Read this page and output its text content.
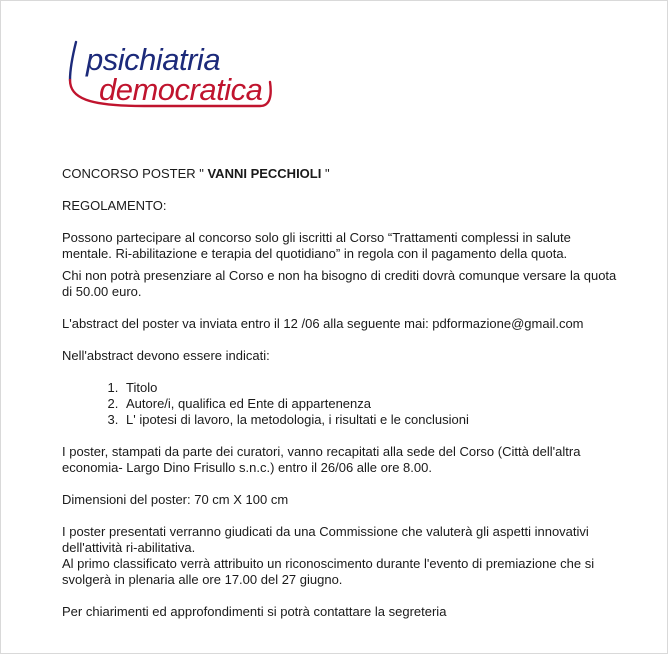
psichiatria
democratica

CONCORSO POSTER " VANNI PECCHIOLI "

REGOLAMENTO:

Possono partecipare al concorso solo gli iscritti al Corso “Trattamenti complessi in salute mentale. Ri-abilitazione e terapia del quotidiano” in regola con il pagamento della quota.

Chi non potrà presenziare al Corso e non ha bisogno di crediti dovrà comunque versare la quota di 50.00 euro.

L'abstract del poster va inviata entro il 12 /06 alla seguente mai: pdformazione@gmail.com

Nell'abstract devono essere indicati:

1. Titolo
2. Autore/i, qualifica ed Ente di appartenenza
3. L' ipotesi di lavoro, la metodologia, i risultati e le conclusioni

I poster, stampati da parte dei curatori, vanno recapitati alla sede del Corso (Città dell'altra economia- Largo Dino Frisullo s.n.c.) entro il 26/06 alle ore 8.00.

Dimensioni del poster: 70 cm X 100 cm

I poster presentati verranno giudicati da una Commissione che valuterà gli aspetti innovativi dell'attività ri-abilitativa.

Al primo classificato verrà attribuito un riconoscimento durante l'evento di premiazione che si svolgerà in plenaria alle ore 17.00 del 27 giugno.

Per chiarimenti ed approfondimenti si potrà contattare la segreteria
